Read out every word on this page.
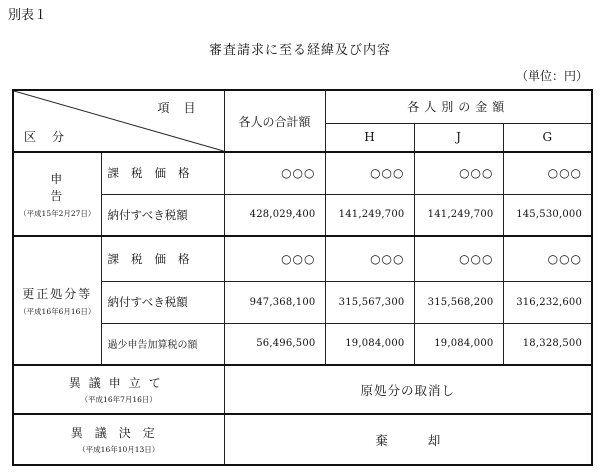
別表１
審査請求に至る経緯及び内容
（単位：円）
項目
区分		各人の合計額	各人別の金額		
			H	J	G

申告
（平成15年2月27日）	課税価格	○○○	○○○	○○○	○○○
	納付すべき税額	428,029,400	141,249,700	141,249,700	145,530,000

更正処分等
（平成16年6月16日）	課税価格	○○○	○○○	○○○	○○○
	納付すべき税額	947,368,100	315,567,300	315,568,200	316,232,600
	過少申告加算税の額	56,496,500	19,084,000	19,084,000	18,328,500

異議申立て
（平成16年7月16日）		原処分の取消し			

異議決定
（平成16年10月13日）		棄却			
